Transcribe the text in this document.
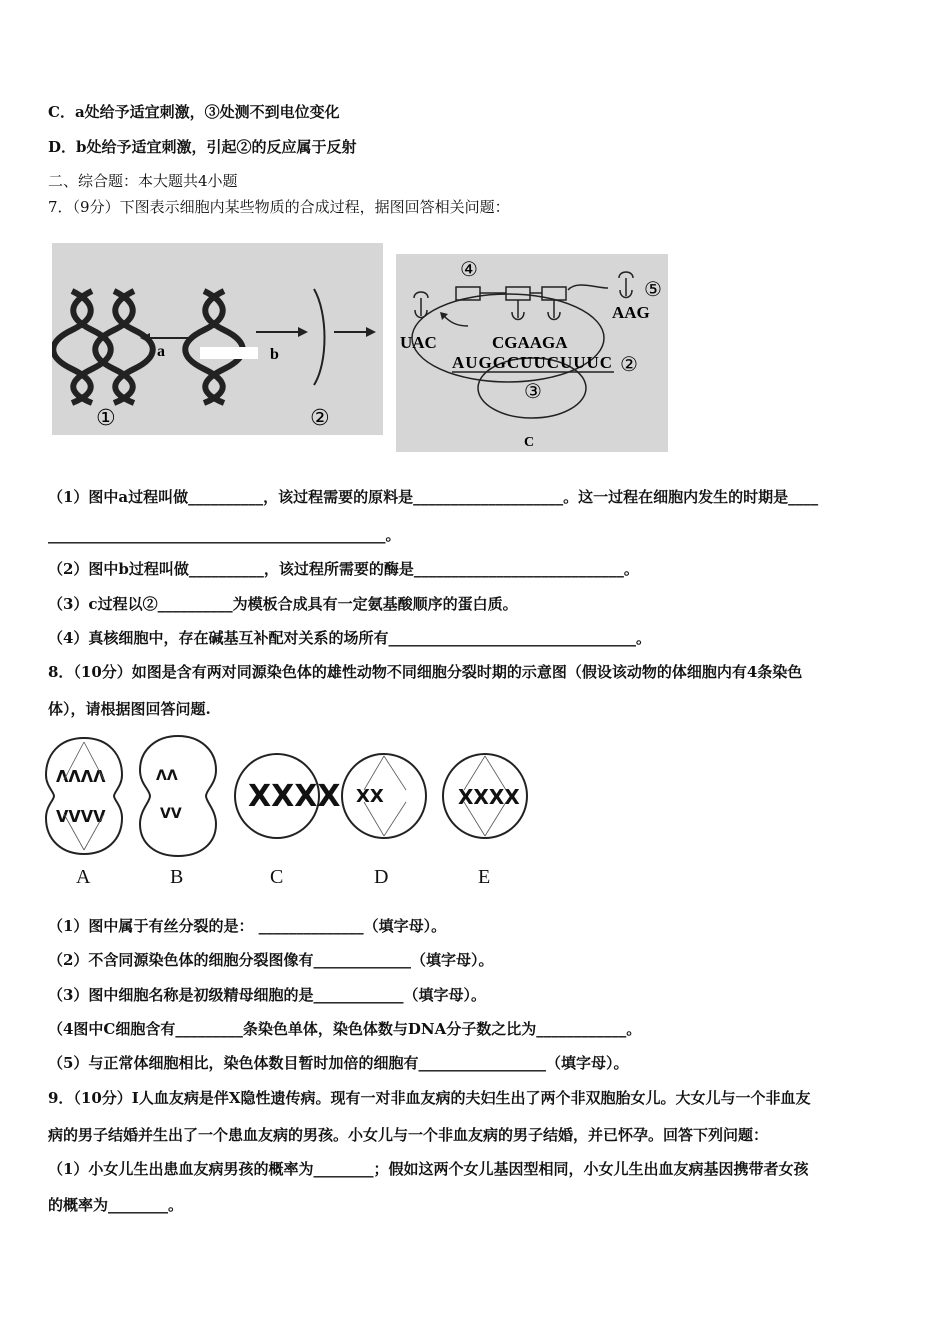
C．a处给予适宜刺激，③处测不到电位变化
D．b处给予适宜刺激，引起②的反应属于反射
二、综合题：本大题共4小题
7．（9分）下图表示细胞内某些物质的合成过程，据图回答相关问题：
a	b
①	②
④
⑤
UAC
AAG
CGAAGA
AUGGCUUCUUUC ②
③
C
（1）图中a过程叫做__________，该过程需要的原料是____________________。这一过程在细胞内发生的时期是____
_____________________________________________。
（2）图中b过程叫做__________，该过程所需要的酶是____________________________。
（3）c过程以②__________为模板合成具有一定氨基酸顺序的蛋白质。
（4）真核细胞中，存在碱基互补配对关系的场所有_________________________________。
8．（10分）如图是含有两对同源染色体的雄性动物不同细胞分裂时期的示意图（假设该动物的体细胞内有4条染色
体），请根据图回答问题.
ᐱᐱᐱᐱ
ᐯᐯᐯᐯ
ᐱᐱ
ᐯᐯ XXXX XX	XXXX
A	B	C	D	E
（1）图中属于有丝分裂的是： ______________（填字母）。
（2）不含同源染色体的细胞分裂图像有_____________（填字母）。
（3）图中细胞名称是初级精母细胞的是____________（填字母）。
（4图中C细胞含有_________条染色单体，染色体数与DNA分子数之比为____________。
（5）与正常体细胞相比，染色体数目暂时加倍的细胞有_________________（填字母）。
9．（10分）I人血友病是伴X隐性遗传病。现有一对非血友病的夫妇生出了两个非双胞胎女儿。大女儿与一个非血友
病的男子结婚并生出了一个患血友病的男孩。小女儿与一个非血友病的男子结婚，并已怀孕。回答下列问题：
（1）小女儿生出患血友病男孩的概率为________；假如这两个女儿基因型相同，小女儿生出血友病基因携带者女孩
的概率为________。
